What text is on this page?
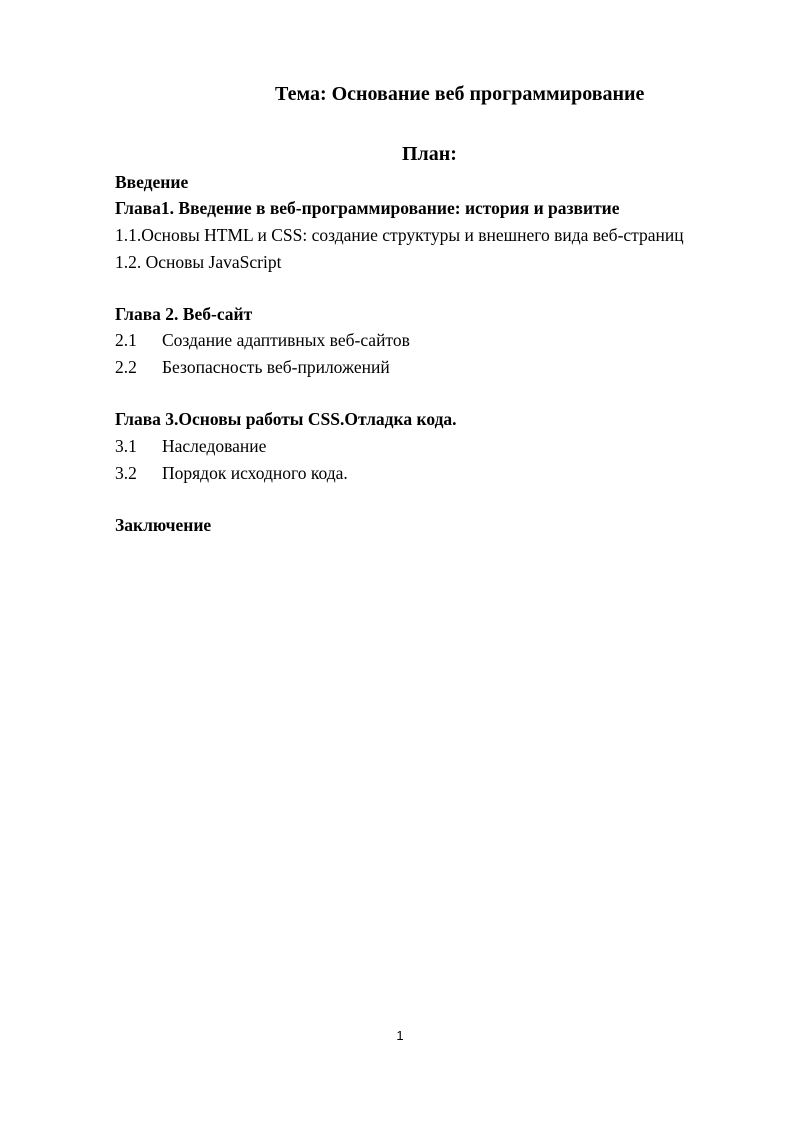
Тема: Основание веб программирование
План:
Введение
Глава1. Введение в веб-программирование: история и развитие
1.1.Основы HTML и CSS: создание структуры и внешнего вида веб-страниц
1.2. Основы JavaScript
Глава 2. Веб-сайт
2.1 Создание адаптивных веб-сайтов
2.2 Безопасность веб-приложений
Глава 3.Основы работы CSS.Отладка кода.
3.1 Наследование
3.2 Порядок исходного кода.
Заключение
1
